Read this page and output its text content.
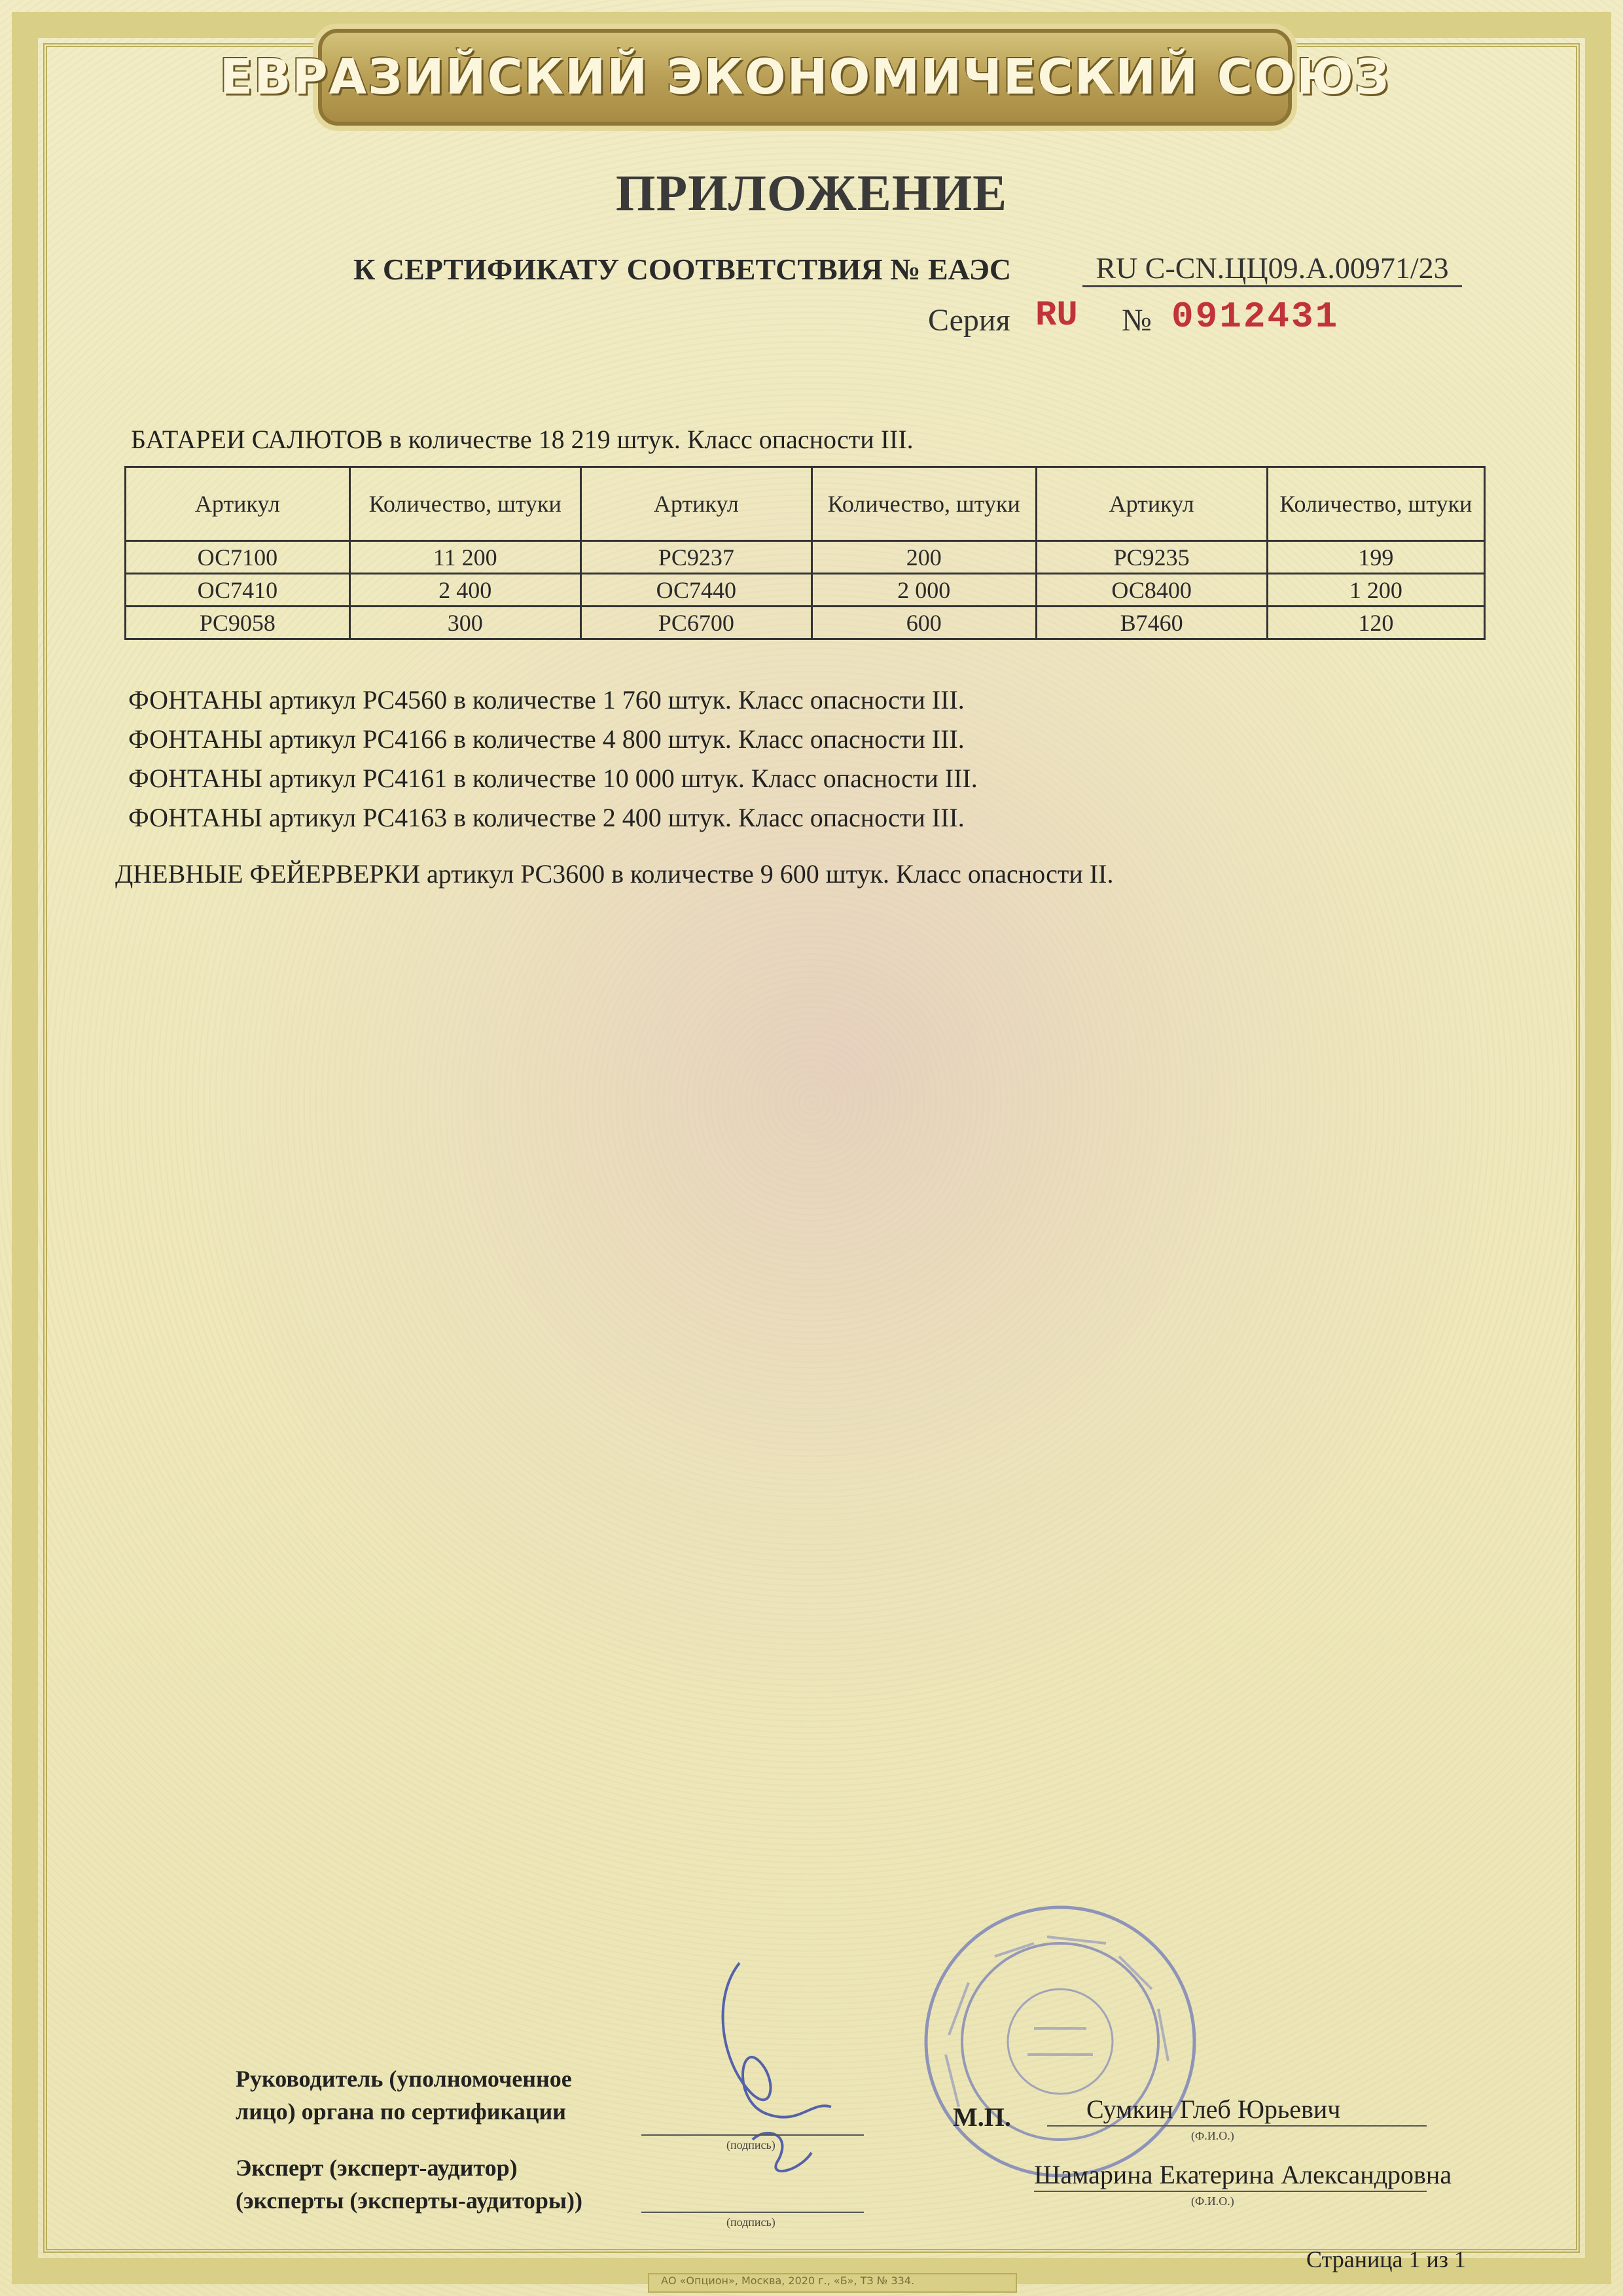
ЕВРАЗИЙСКИЙ ЭКОНОМИЧЕСКИЙ СОЮЗ
ПРИЛОЖЕНИЕ
К СЕРТИФИКАТУ СООТВЕТСТВИЯ № ЕАЭС	RU C-CN.ЦЦ09.A.00971/23
Серия RU № 0912431
БАТАРЕИ САЛЮТОВ в количестве 18 219 штук. Класс опасности III.
Артикул	Количество, штуки	Артикул	Количество, штуки	Артикул	Количество, штуки
ОС7100	11 200	PC9237	200	PC9235	199
ОС7410	2 400	ОС7440	2 000	ОС8400	1 200
PC9058	300	PC6700	600	B7460	120
ФОНТАНЫ артикул PC4560 в количестве 1 760 штук. Класс опасности III.
ФОНТАНЫ артикул PC4166 в количестве 4 800 штук. Класс опасности III.
ФОНТАНЫ артикул PC4161 в количестве 10 000 штук. Класс опасности III.
ФОНТАНЫ артикул PC4163 в количестве 2 400 штук. Класс опасности III.
ДНЕВНЫЕ ФЕЙЕРВЕРКИ артикул PC3600 в количестве 9 600 штук. Класс опасности II.
Руководитель (уполномоченное
лицо) органа по сертификации
(подпись)
М.П.	Сумкин Глеб Юрьевич
(Ф.И.О.)
Эксперт (эксперт-аудитор)
(эксперты (эксперты-аудиторы))
(подпись)
Шамарина Екатерина Александровна
(Ф.И.О.)
Страница 1 из 1
АО «Опцион», Москва, 2020 г., «Б», ТЗ № 334.
